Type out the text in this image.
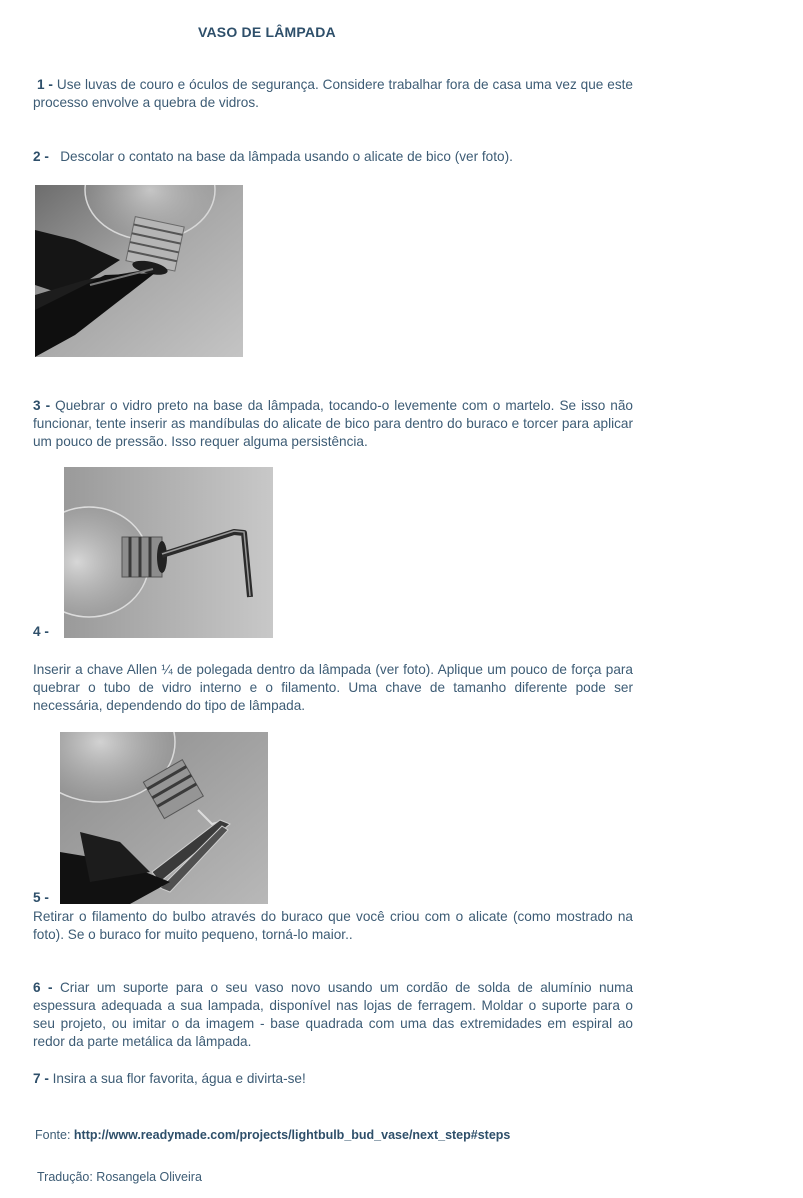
VASO DE LÂMPADA
1 - Use luvas de couro e óculos de segurança. Considere trabalhar fora de casa uma vez que este processo envolve a quebra de vidros.
2 - Descolar o contato na base da lâmpada usando o alicate de bico (ver foto).
3 - Quebrar o vidro preto na base da lâmpada, tocando-o levemente com o martelo. Se isso não funcionar, tente inserir as mandíbulas do alicate de bico para dentro do buraco e torcer para aplicar um pouco de pressão. Isso requer alguma persistência.
4 -
Inserir a chave Allen ¼ de polegada dentro da lâmpada (ver foto). Aplique um pouco de força para quebrar o tubo de vidro interno e o filamento. Uma chave de tamanho diferente pode ser necessária, dependendo do tipo de lâmpada.
5 -
Retirar o filamento do bulbo através do buraco que você criou com o alicate (como mostrado na foto). Se o buraco for muito pequeno, torná-lo maior..
6 - Criar um suporte para o seu vaso novo usando um cordão de solda de alumínio numa espessura adequada a sua lampada, disponível nas lojas de ferragem. Moldar o suporte para o seu projeto, ou imitar o da imagem - base quadrada com uma das extremidades em espiral ao redor da parte metálica da lâmpada.
7 - Insira a sua flor favorita, água e divirta-se!
Fonte: http://www.readymade.com/projects/lightbulb_bud_vase/next_step#steps
Tradução: Rosangela Oliveira
